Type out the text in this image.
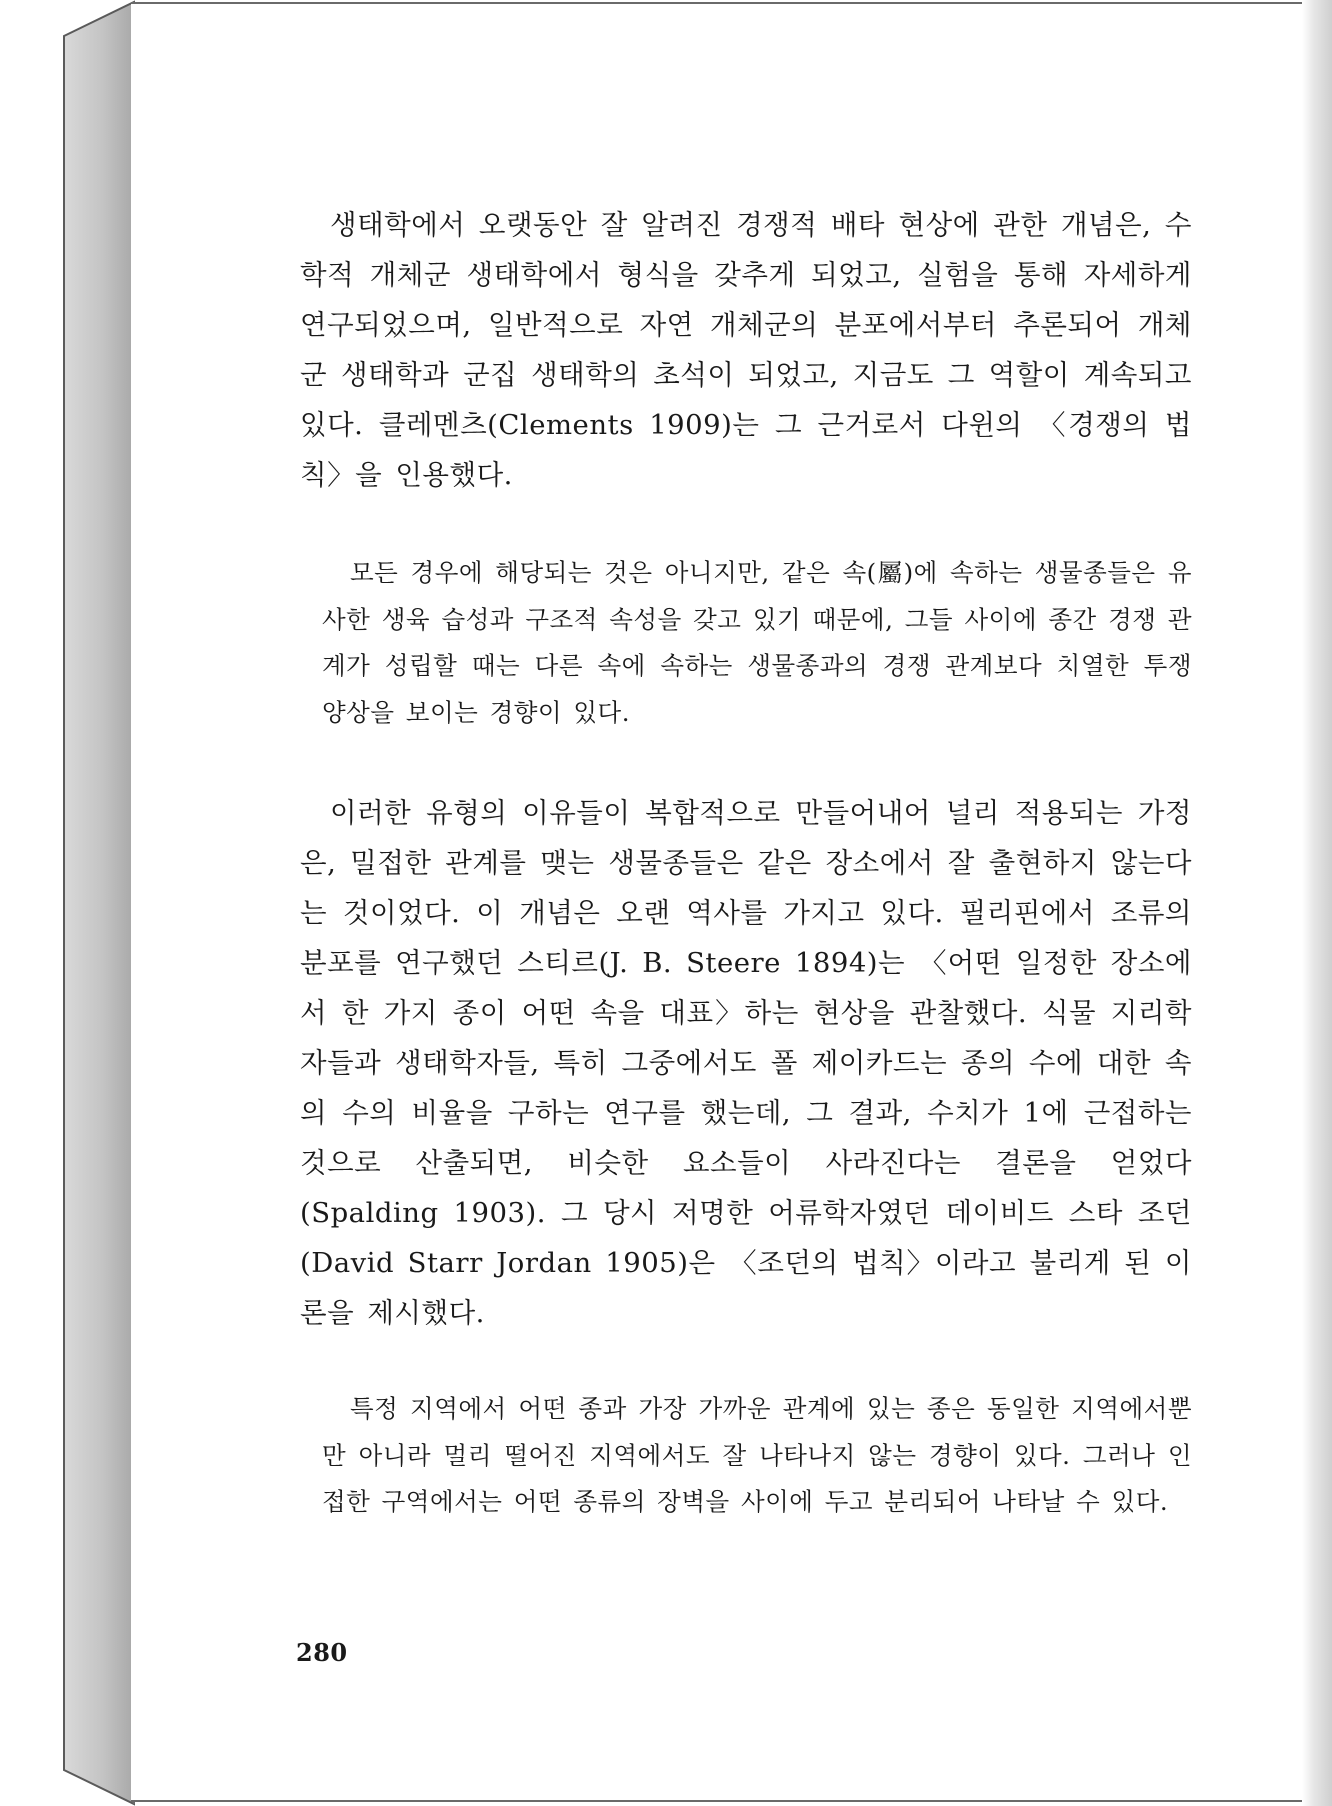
생태학에서 오랫동안 잘 알려진 경쟁적 배타 현상에 관한 개념은, 수학적 개체군 생태학에서 형식을 갖추게 되었고, 실험을 통해 자세하게 연구되었으며, 일반적으로 자연 개체군의 분포에서부터 추론되어 개체군 생태학과 군집 생태학의 초석이 되었고, 지금도 그 역할이 계속되고 있다. 클레멘츠(Clements 1909)는 그 근거로서 다윈의 〈경쟁의 법칙〉을 인용했다.

모든 경우에 해당되는 것은 아니지만, 같은 속(屬)에 속하는 생물종들은 유사한 생육 습성과 구조적 속성을 갖고 있기 때문에, 그들 사이에 종간 경쟁 관계가 성립할 때는 다른 속에 속하는 생물종과의 경쟁 관계보다 치열한 투쟁 양상을 보이는 경향이 있다.

이러한 유형의 이유들이 복합적으로 만들어내어 널리 적용되는 가정은, 밀접한 관계를 맺는 생물종들은 같은 장소에서 잘 출현하지 않는다는 것이었다. 이 개념은 오랜 역사를 가지고 있다. 필리핀에서 조류의 분포를 연구했던 스티르(J. B. Steere 1894)는 〈어떤 일정한 장소에서 한 가지 종이 어떤 속을 대표〉하는 현상을 관찰했다. 식물 지리학자들과 생태학자들, 특히 그중에서도 폴 제이카드는 종의 수에 대한 속의 수의 비율을 구하는 연구를 했는데, 그 결과, 수치가 1에 근접하는 것으로 산출되면, 비슷한 요소들이 사라진다는 결론을 얻었다(Spalding 1903). 그 당시 저명한 어류학자였던 데이비드 스타 조던(David Starr Jordan 1905)은 〈조던의 법칙〉이라고 불리게 된 이론을 제시했다.

특정 지역에서 어떤 종과 가장 가까운 관계에 있는 종은 동일한 지역에서뿐만 아니라 멀리 떨어진 지역에서도 잘 나타나지 않는 경향이 있다. 그러나 인접한 구역에서는 어떤 종류의 장벽을 사이에 두고 분리되어 나타날 수 있다.

280
